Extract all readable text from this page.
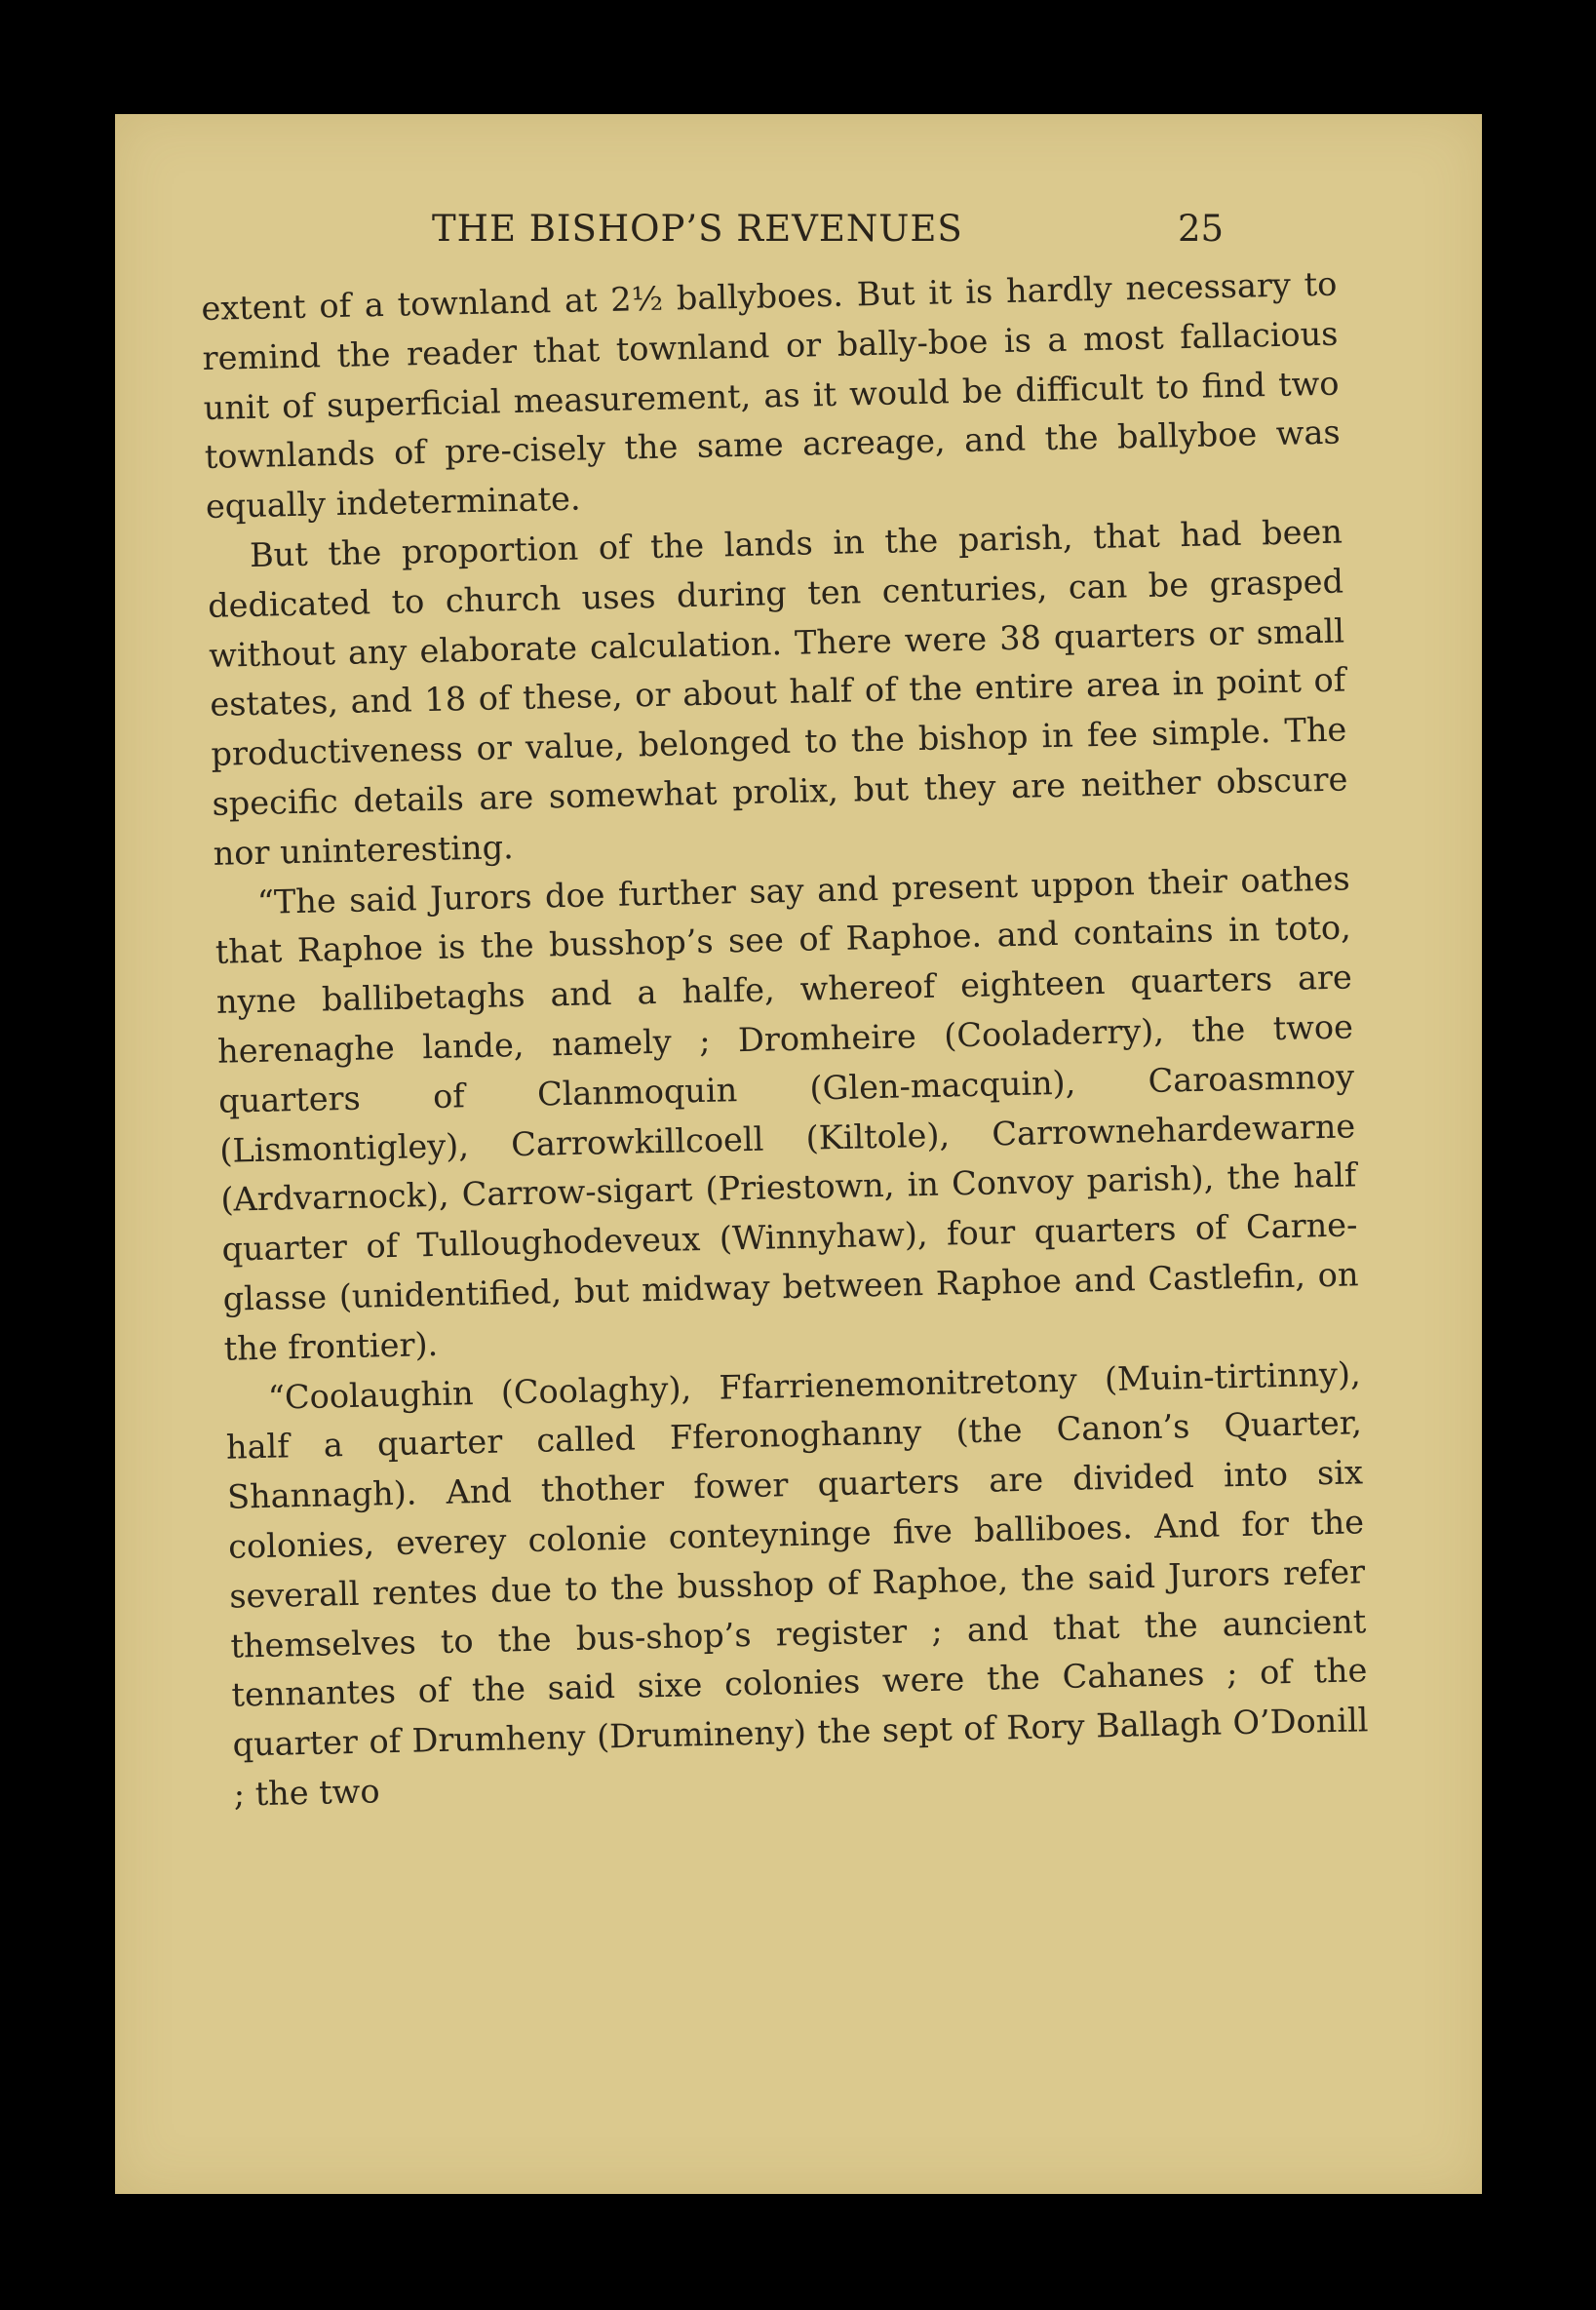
THE BISHOP’S REVENUES	25

extent of a townland at 2½ ballyboes. But it is hardly necessary to remind the reader that townland or bally-boe is a most fallacious unit of superficial measurement, as it would be difficult to find two townlands of pre-cisely the same acreage, and the ballyboe was equally indeterminate.

But the proportion of the lands in the parish, that had been dedicated to church uses during ten centuries, can be grasped without any elaborate calculation. There were 38 quarters or small estates, and 18 of these, or about half of the entire area in point of productiveness or value, belonged to the bishop in fee simple. The specific details are somewhat prolix, but they are neither obscure nor uninteresting.

“The said Jurors doe further say and present uppon their oathes that Raphoe is the busshop’s see of Raphoe. and contains in toto, nyne ballibetaghs and a halfe, whereof eighteen quarters are herenaghe lande, namely ; Dromheire (Cooladerry), the twoe quarters of Clanmoquin (Glen-macquin), Caroasmnoy (Lismontigley), Carrowkillcoell (Kiltole), Carrownehardewarne (Ardvarnock), Carrow-sigart (Priestown, in Convoy parish), the half quarter of Tulloughodeveux (Winnyhaw), four quarters of Carne-glasse (unidentified, but midway between Raphoe and Castlefin, on the frontier).

“Coolaughin (Coolaghy), Ffarrienemonitretony (Muin-tirtinny), half a quarter called Fferonoghanny (the Canon’s Quarter, Shannagh). And thother fower quarters are divided into six colonies, everey colonie conteyninge five balliboes. And for the severall rentes due to the busshop of Raphoe, the said Jurors refer themselves to the bus-shop’s register ; and that the auncient tennantes of the said sixe colonies were the Cahanes ; of the quarter of Drumheny (Drumineny) the sept of Rory Ballagh O’Donill ; the two
